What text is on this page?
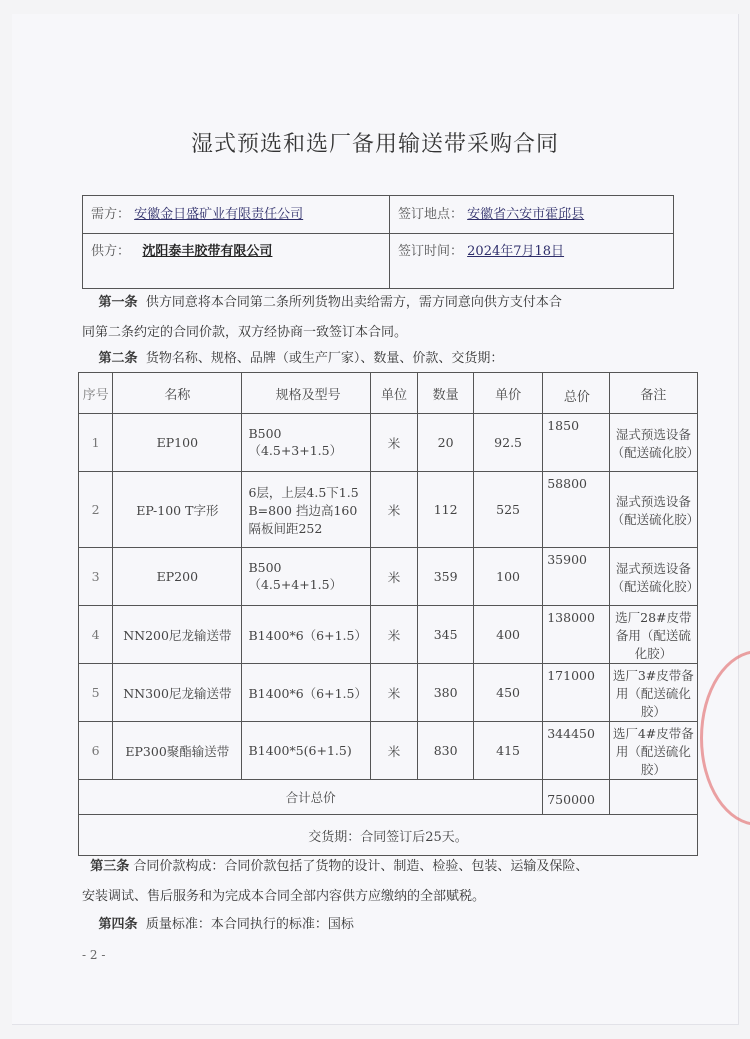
湿式预选和选厂备用输送带采购合同
需方： 安徽金日盛矿业有限责任公司	签订地点： 安徽省六安市霍邱县
供方： 沈阳泰丰胶带有限公司	签订时间： 2024年7月18日
第一条 供方同意将本合同第二条所列货物出卖给需方，需方同意向供方支付本合
同第二条约定的合同价款，双方经协商一致签订本合同。
第二条 货物名称、规格、品牌（或生产厂家）、数量、价款、交货期：
序号	名称	规格及型号	单位	数量	单价	总价	备注
1	EP100	B500（4.5+3+1.5）	米	20	92.5	1850	湿式预选设备（配送硫化胶）
2	EP-100 T字形	6层，上层4.5下1.5 B=800 挡边高160 隔板间距252	米	112	525	58800	湿式预选设备（配送硫化胶）
3	EP200	B500（4.5+4+1.5）	米	359	100	35900	湿式预选设备（配送硫化胶）
4	NN200尼龙输送带	B1400*6（6+1.5）	米	345	400	138000	选厂28#皮带备用（配送硫化胶）
5	NN300尼龙输送带	B1400*6（6+1.5）	米	380	450	171000	选厂3#皮带备用（配送硫化胶）
6	EP300聚酯输送带	B1400*5(6+1.5)	米	830	415	344450	选厂4#皮带备用（配送硫化胶）
合计总价						750000	
交货期：合同签订后25天。							
第三条 合同价款构成：合同价款包括了货物的设计、制造、检验、包装、运输及保险、
安装调试、售后服务和为完成本合同全部内容供方应缴纳的全部赋税。
第四条 质量标准：本合同执行的标准：国标
- 2 -
